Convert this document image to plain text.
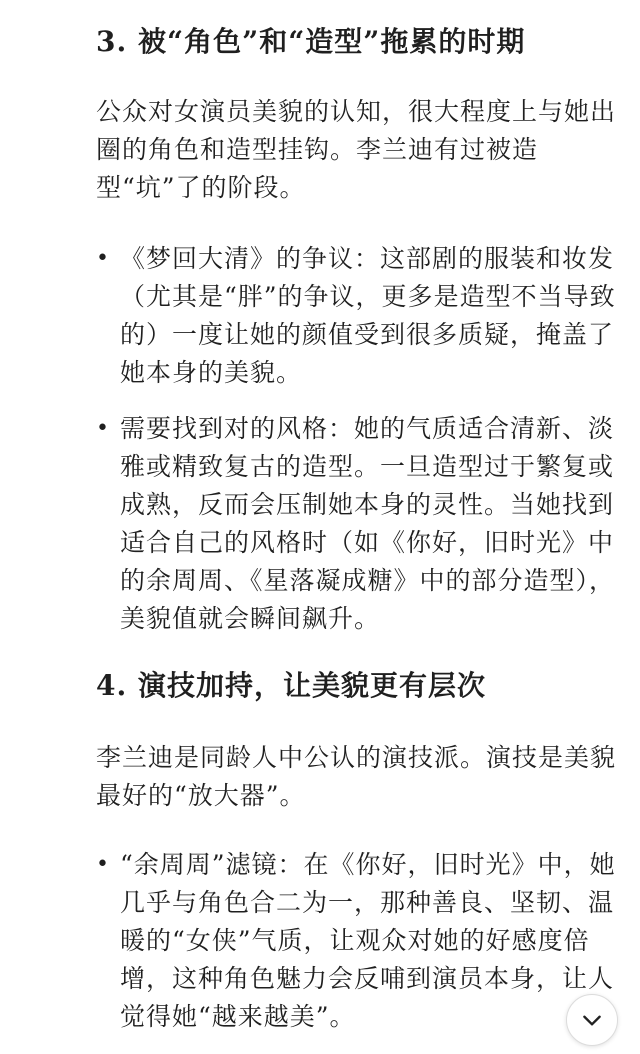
3. 被“角色”和“造型”拖累的时期

公众对女演员美貌的认知，很大程度上与她出圈的角色和造型挂钩。李兰迪有过被造型“坑”了的阶段。

• 《梦回大清》的争议：这部剧的服装和妆发（尤其是“胖”的争议，更多是造型不当导致的）一度让她的颜值受到很多质疑，掩盖了她本身的美貌。
• 需要找到对的风格：她的气质适合清新、淡雅或精致复古的造型。一旦造型过于繁复或成熟，反而会压制她本身的灵性。当她找到适合自己的风格时（如《你好，旧时光》中的余周周、《星落凝成糖》中的部分造型），美貌值就会瞬间飙升。
4. 演技加持，让美貌更有层次

李兰迪是同龄人中公认的演技派。演技是美貌最好的“放大器”。

• “余周周”滤镜：在《你好，旧时光》中，她几乎与角色合二为一，那种善良、坚韧、温暖的“女侠”气质，让观众对她的好感度倍增，这种角色魅力会反哺到演员本身，让人觉得她“越来越美”。
